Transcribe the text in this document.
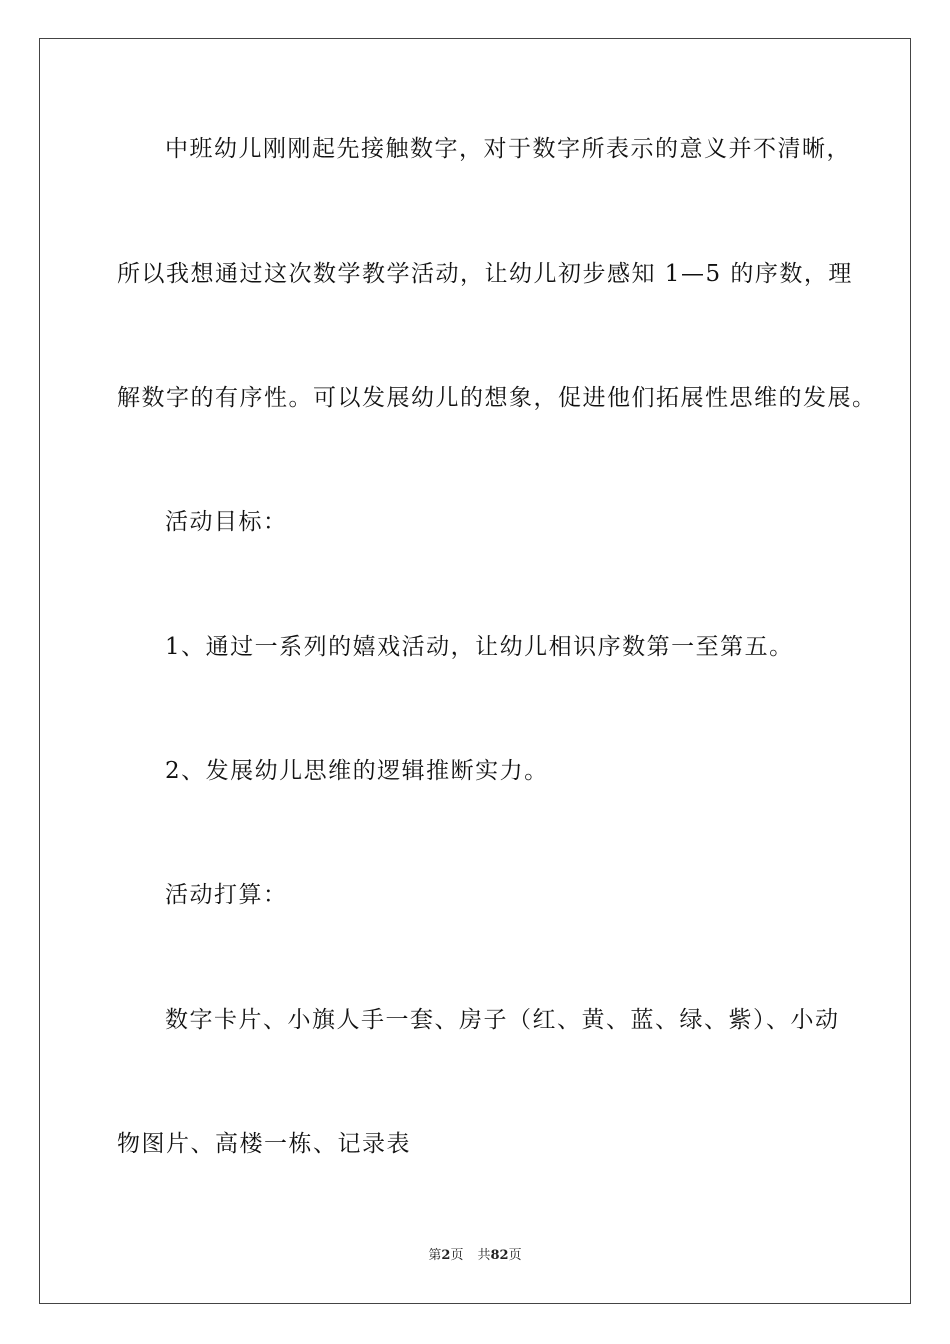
中班幼儿刚刚起先接触数字，对于数字所表示的意义并不清晰，
所以我想通过这次数学教学活动，让幼儿初步感知 1—5 的序数，理
解数字的有序性。可以发展幼儿的想象，促进他们拓展性思维的发展。
活动目标：
1、通过一系列的嬉戏活动，让幼儿相识序数第一至第五。
2、发展幼儿思维的逻辑推断实力。
活动打算：
数字卡片、小旗人手一套、房子（红、黄、蓝、绿、紫）、小动
物图片、高楼一栋、记录表
第2页 共82页
